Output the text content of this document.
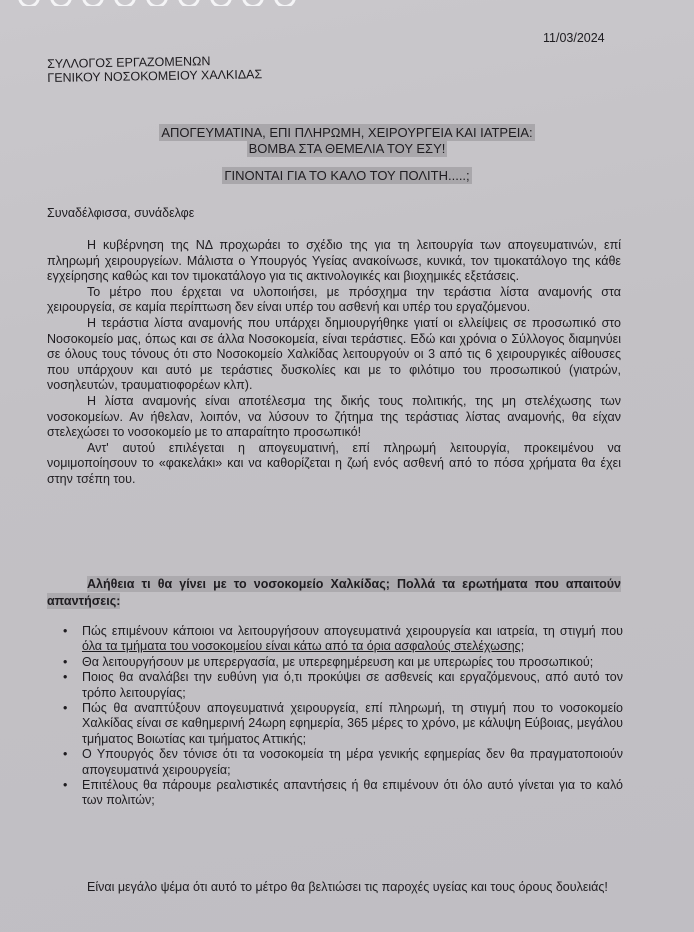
11/03/2024
ΣΥΛΛΟΓΟΣ ΕΡΓΑΖΟΜΕΝΩΝ
ΓΕΝΙΚΟΥ ΝΟΣΟΚΟΜΕΙΟΥ ΧΑΛΚΙΔΑΣ
ΑΠΟΓΕΥΜΑΤΙΝΑ, ΕΠΙ ΠΛΗΡΩΜΗ, ΧΕΙΡΟΥΡΓΕΙΑ ΚΑΙ ΙΑΤΡΕΙΑ:
ΒΟΜΒΑ ΣΤΑ ΘΕΜΕΛΙΑ ΤΟΥ ΕΣΥ!
ΓΙΝΟΝΤΑΙ ΓΙΑ ΤΟ ΚΑΛΟ ΤΟΥ ΠΟΛΙΤΗ.....;
Συναδέλφισσα, συνάδελφε

Η κυβέρνηση της ΝΔ προχωράει το σχέδιο της για τη λειτουργία των απογευματινών, επί πληρωμή χειρουργείων. Μάλιστα ο Υπουργός Υγείας ανακοίνωσε, κυνικά, τον τιμοκατάλογο της κάθε εγχείρησης καθώς και τον τιμοκατάλογο για τις ακτινολογικές και βιοχημικές εξετάσεις.

Το μέτρο που έρχεται να υλοποιήσει, με πρόσχημα την τεράστια λίστα αναμονής στα χειρουργεία, σε καμία περίπτωση δεν είναι υπέρ του ασθενή και υπέρ του εργαζόμενου.

Η τεράστια λίστα αναμονής που υπάρχει δημιουργήθηκε γιατί οι ελλείψεις σε προσωπικό στο Νοσοκομείο μας, όπως και σε άλλα Νοσοκομεία, είναι τεράστιες. Εδώ και χρόνια ο Σύλλογος διαμηνύει σε όλους τους τόνους ότι στο Νοσοκομείο Χαλκίδας λειτουργούν οι 3 από τις 6 χειρουργικές αίθουσες που υπάρχουν και αυτό με τεράστιες δυσκολίες και με το φιλότιμο του προσωπικού (γιατρών, νοσηλευτών, τραυματιοφορέων κλπ).

Η λίστα αναμονής είναι αποτέλεσμα της δικής τους πολιτικής, της μη στελέχωσης των νοσοκομείων. Αν ήθελαν, λοιπόν, να λύσουν το ζήτημα της τεράστιας λίστας αναμονής, θα είχαν στελεχώσει το νοσοκομείο με το απαραίτητο προσωπικό!

Αντ' αυτού επιλέγεται η απογευματινή, επί πληρωμή λειτουργία, προκειμένου να νομιμοποίησουν το «φακελάκι» και να καθορίζεται η ζωή ενός ασθενή από το πόσα χρήματα θα έχει στην τσέπη του.

Αλήθεια τι θα γίνει με το νοσοκομείο Χαλκίδας; Πολλά τα ερωτήματα που απαιτούν απαντήσεις:
• Πώς επιμένουν κάποιοι να λειτουργήσουν απογευματινά χειρουργεία και ιατρεία, τη στιγμή που όλα τα τμήματα του νοσοκομείου είναι κάτω από τα όρια ασφαλούς στελέχωσης;
• Θα λειτουργήσουν με υπερεργασία, με υπερεφημέρευση και με υπερωρίες του προσωπικού;
• Ποιος θα αναλάβει την ευθύνη για ό,τι προκύψει σε ασθενείς και εργαζόμενους, από αυτό τον τρόπο λειτουργίας;
• Πώς θα αναπτύξουν απογευματινά χειρουργεία, επί πληρωμή, τη στιγμή που το νοσοκομείο Χαλκίδας είναι σε καθημερινή 24ωρη εφημερία, 365 μέρες το χρόνο, με κάλυψη Εύβοιας, μεγάλου τμήματος Βοιωτίας και τμήματος Αττικής;
• Ο Υπουργός δεν τόνισε ότι τα νοσοκομεία τη μέρα γενικής εφημερίας δεν θα πραγματοποιούν απογευματινά χειρουργεία;
• Επιτέλους θα πάρουμε ρεαλιστικές απαντήσεις ή θα επιμένουν ότι όλο αυτό γίνεται για το καλό των πολιτών;

Είναι μεγάλο ψέμα ότι αυτό το μέτρο θα βελτιώσει τις παροχές υγείας και τους όρους δουλειάς!
